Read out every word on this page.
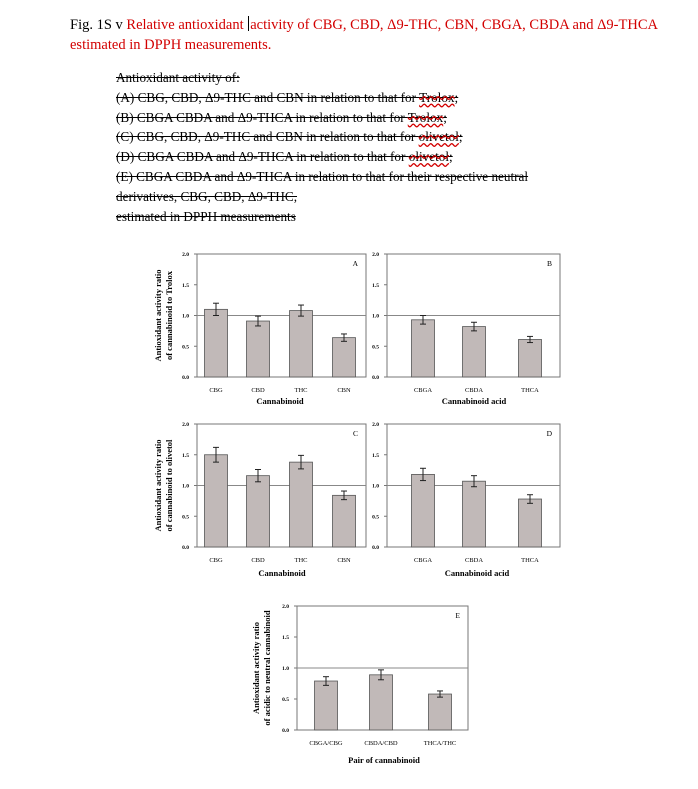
Fig. 1S v Relative antioxidant activity of CBG, CBD, Δ9-THC, CBN, CBGA, CBDA and Δ9-THCA estimated in DPPH measurements.
Antioxidant activity of:
(A) CBG, CBD, Δ9-THC and CBN in relation to that for Trolox;
(B) CBGA CBDA and Δ9-THCA in relation to that for Trolox;
(C) CBG, CBD, Δ9-THC and CBN in relation to that for olivetol;
(D) CBGA CBDA and Δ9-THCA in relation to that for olivetol;
(E) CBGA CBDA and Δ9-THCA in relation to that for their respective neutral
derivatives, CBG, CBD, Δ9-THC,
estimated in DPPH measurements
0.0
0.5
1.0
1.5
2.0
CBG	CBD	THC	CBN
A
Cannabinoid
Antioxidant activity ratio of cannabinoid to Trolox
0.0
0.5
1.0
1.5
2.0
CBGA	CBDA	THCA
B
Cannabinoid acid
0.0
0.5
1.0
1.5
2.0
CBG	CBD	THC	CBN
C
Cannabinoid
Antioxidant activity ratio of cannabinoid to olivetol
0.0
0.5
1.0
1.5
2.0
CBGA	CBDA	THCA
D
Cannabinoid acid
0.0
0.5
1.0
1.5
2.0
CBGA/CBG	CBDA/CBD	THCA/THC
E
Pair of cannabinoid
Antioxidant activity ratio of acidic to neutral cannabinoid
